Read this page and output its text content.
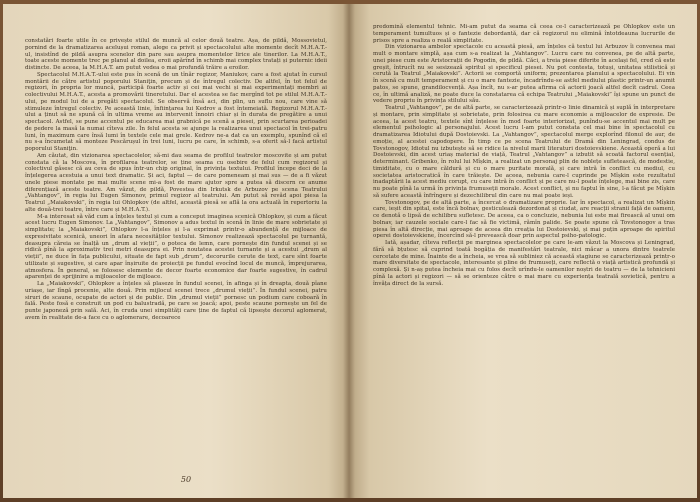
constatări foarte utile în ce privește stilul de muncă al celor două teatre. Așa, de pildă, Mossovietul, pornind de la dramatizarea acelușui roman, alege ca privit și spectacolului alte momente decît M.H.A.T.-ul, insistînd de pildă asupra scenelor din pare sau asupra momentelor lirice ale tinerilor. La M.H.A.T., toate aceste momente trec pe planul al doilea, eroii apărînd în schimb mai complex tratați și puternic ideii distincte. De aceea, la M.H.A.T. am putut vedea o mai profundă trăire a eroilor.

Spectacolul M.H.A.T.-ului este pus în scenă de un tînăr regizor, Maniukov, care a fost ajutat în cursul montării de către artistul poporului Staniţin, precum și de întregul colectiv. De altfel, în tot felul de regizori, în propria lor muncă, participă foarte activ și cei mai vechi și mai experimentați membri ai colectivului M.H.A.T., acesta a promovării tineretului. Dar el acestea se fac mergînd tot pe stilul M.H.A.T.-ului, pe modul lui de a pregăti spectacolul. Se observă însă aci, din plin, un suflu nou, care vine să stimuleze întregul colectiv. Pe această linie, înființarea lui Kedrov a fost întemeiată. Regizorul M.H.A.T.-ului a ținut să ne spună că în ultima vreme au intervenit înnoiri chiar și în durata de pregătire a unui spectacol. Astfel, se pune accentul pe educarea mai grabnică pe scenă a piesei, prin scurtarea perioadei de pedere la masă la numai cîteva zile. În felul acesta se ajunge la realizarea unui spectacol în trei-patru luni, în maximum care însă lumi în textele cele mai grele. Kedrov ne-a dat ca un exemplu, spunînd că el nu s-a încumetat să monteze Pescărușul în trei luni, lucru pe care, în schimb, s-a oferit să-l facă artistul poporului Staniţin.

Am căutat, din vizionarea spectacolelor, să-mi dau seama de profilul teatrelor moscovite și am putut constata că la Moscova, în profilarea teatrelor, se ține seama cu osebire de felul cum regizorul și colectivul găsesc că au ceva de spus într-un chip original, în privința textului. Profilul începe deci de la înțelegerea acestuia a unui text dramatic. Și aci, faptul — de care pomeneam și mai sus — de a fi văzut unele piese montate pe mai multe scene mi-a fost de mare ajutor spre a putea să discern ce anume diferențiază aceste teatre. Am văzut, de pildă, Povestea din Irkutsk de Arbuzov pe scena Teatrului „Vahtangov”, în regia lui Eugen Simonov, primul regizor al teatrului. Am putut să revăd apoi piesa la Teatrul „Maiakovski”, în regia lui Ohlopkov (de altfel, această piesă se află la ora actuală în repertoriu la alte două-trei teatre, între care și M.H.A.T.).

M-a interesat să văd cum a înțeles textul și cum a conceput imaginea scenică Ohlopkov, și cum a făcut acest lucru Eugen Simonov. La „Vahtangov”, Simonov a adus textul în scenă în linie de mare sobrietate și simplitate; la „Maiakovski”, Ohlopkov l-a înțeles și l-a exprimat printr-o abundență de mijloace de expresivitate scenică, uneori în afara necesităților textului. Simonov realizează spectacolul pe turnantă, deasupra căreia se înalță un „drum al vieții”, o poteca de lemn, care pornește din fundul scenei și se ridică pînă la aproximativ trei metri deasupra ei. Prin noutatea acestei turnante și a acestui „drum al vieții”, ne duce în fața publicului, situate de fapt sub „drum”, decorurile cerute de text, care sînt foarte utilizate și sugestive, și care apar înșiruite de proiecții pe fundul evocînd locul de muncă, împrejurarea, atmosfera. În general, se folosesc elemente de decor foarte economice dar foarte sugestive, în cadrul aparenței de sprijinire a mijloacelor de mijloace.

La „Maiakovski”, Ohlopkov a înțeles să plaseze în fundul scenei, în afinga și în dreapta, două pîane uriașe, iar lîngă procenie, alte două. Prin mijlocul scenei trece „drumul vieții”. În fundul scenei, patru siruri de scaune, ocupate de actori și de public. Din „drumul vieții” pornesc un podium care coboară în fală. Peste fosă e construit un pod cu balustradă, pe care se joacă; apoi, peste scaune pornește un fel de punte japoneză prin sală. Aci, în cruda unei simplități care ține de faptul că lipsește decorul aglomerat, avem în realitate de-a face cu o aglomerare, decoarece

50

predomină elementul tehnic. Mi-am putut da seama că ceea ce-l caracterizează pe Ohlopkov este un temperament tumultuos și o fantezie debordantă, dar că regizorul nu elimină întotdeauna lucrurile de prisos spre a realiza o reală simplitate.

Din vizionarea ambelor spectacole cu această piesă, am înțeles că textul lui Arbuzov îi convenea mai mult o montare simplă, așa cum s-a realizat la „Vahtangov”. Lucru care nu convenea, pe de altă parte, unei piese cum este Aristocrații de Pogodin, de pildă. Căci, a treia piese diferite în același fel, cred că este greșit, întrucît nu se sesizează spiritul și specificul piesei. Nu pot contesta, totuși, unitatea stilistică și cerută la Teatrul „Maiakovski”. Actorii se comportă uniform; prezentarea planului a spectacolului. Ei vin în scenă cu mult temperament și cu o mare fantezie, încadrîndu-se astfel mediului plastic printr-un anumit patos, se spune, grandilocvență. Așa încît, nu s-ar putea afirma că actorii joacă altfel decît cadrul. Ceea ce, în ultimă analiză, ne poate duce la constatarea că echipa Teatrului „Maiakovski” își spune un punct de vedere propriu în privința stilului său.

Teatrul „Vahtangov”, pe de altă parte, se caracterizează printr-o linie dinamică și suplă în interpretare și montare, prin simplitate și sobrietate, prin folosirea cu mare economie a mijloacelor de expresie. De aceea, la acest teatru, textele sînt înțelese în mod foarte interiorizat, punîndu-se accentul mai mult pe elementul psihologic al personajului. Acest lucru l-am putut constata cel mai bine în spectacolul cu dramatizarea Idiotului după Dostoievski. La „Vahtangov”, spectacolul merge explorînd filonul de aur, de emoție, al acestei capodopere. În timp ce pe scena Teatrului de Dramă din Leningrad, condus de Tovstonogov, Idiotul nu izbutește să se ridice la nivelul marii literaturi dostoievskiene. Această operă a lui Dostoievski, din acest uriaș material de viață, Teatrul „Vahtangov” a izbutit să scoată factorul esențial, determinant. Gribenko, în rolul lui Mîșkin, a realizat un personaj plin de noblețe sufletească, de modestie, timiditate, cu o mare căldură și cu o mare puritate morală, și care intră în conflict cu mediul, cu societatea aristocratică în care trăiește. De aceea, nebunia care-l cuprinde pe Mîșkin este rezultatul inadaptării la acest mediu corupt, cu care intră în conflict și pe care nu-l poate înțelege, mai bine zis, care nu poate pînă la urmă în privința frumuseții morale. Acest conflict, și nu faptul în sine, l-a făcut pe Mîșkin să sufere această înfrîngere și dezechilibrul din care nu mai poate ieși.

Tovstonogov, pe de altă parte, a încercat o dramatizare proprie. Iar în spectacol, a realizat un Mîșkin care, ieșit din spital, este încă bolnav, gesticulează dezordonat și ciudat, are reacții stranii față de oameni, ce denotă o lipsă de echilibru sufletesc. De aceea, ca o concluzie, nebunia lui este mai firească al unui om bolnav, iar cauzele sociale care-l fac să fie victimă, rămîn palide. Se poate spune că Tovstonogov a tras piesa în altă direcție, mai aproape de aceea din creația lui Dostoievski, și mai puțin aproape de spiritul operei dostoievskiene, încercînd să-l prevească doar prin aspectul psiho-patologic.

Iată, așadar, cîteva reflecții pe marginea spectacolelor pe care le-am văzut la Moscova și Leningrad, fără să bțutesc să cuprind toată bogăția de manifestări teatrale, nici măcar a unora dintre teatrele cercetate de mine. Înainte de a încheia, se vrea să subliniez că această stagiune se caracterizează printr-o mare diversitate de spectacole, interesante și pline de frumuseți, care reflectă o viață artistică profundă și complexă. Și n-aș putea încheia mai cu folos decît urîndu-le oamenilor noștri de teatru — de la tehnicieni pînă la actori și regizori — să se orienteze către o mai mare cu experiența teatrală sovietică, pentru a învăța direct de la sursă.
